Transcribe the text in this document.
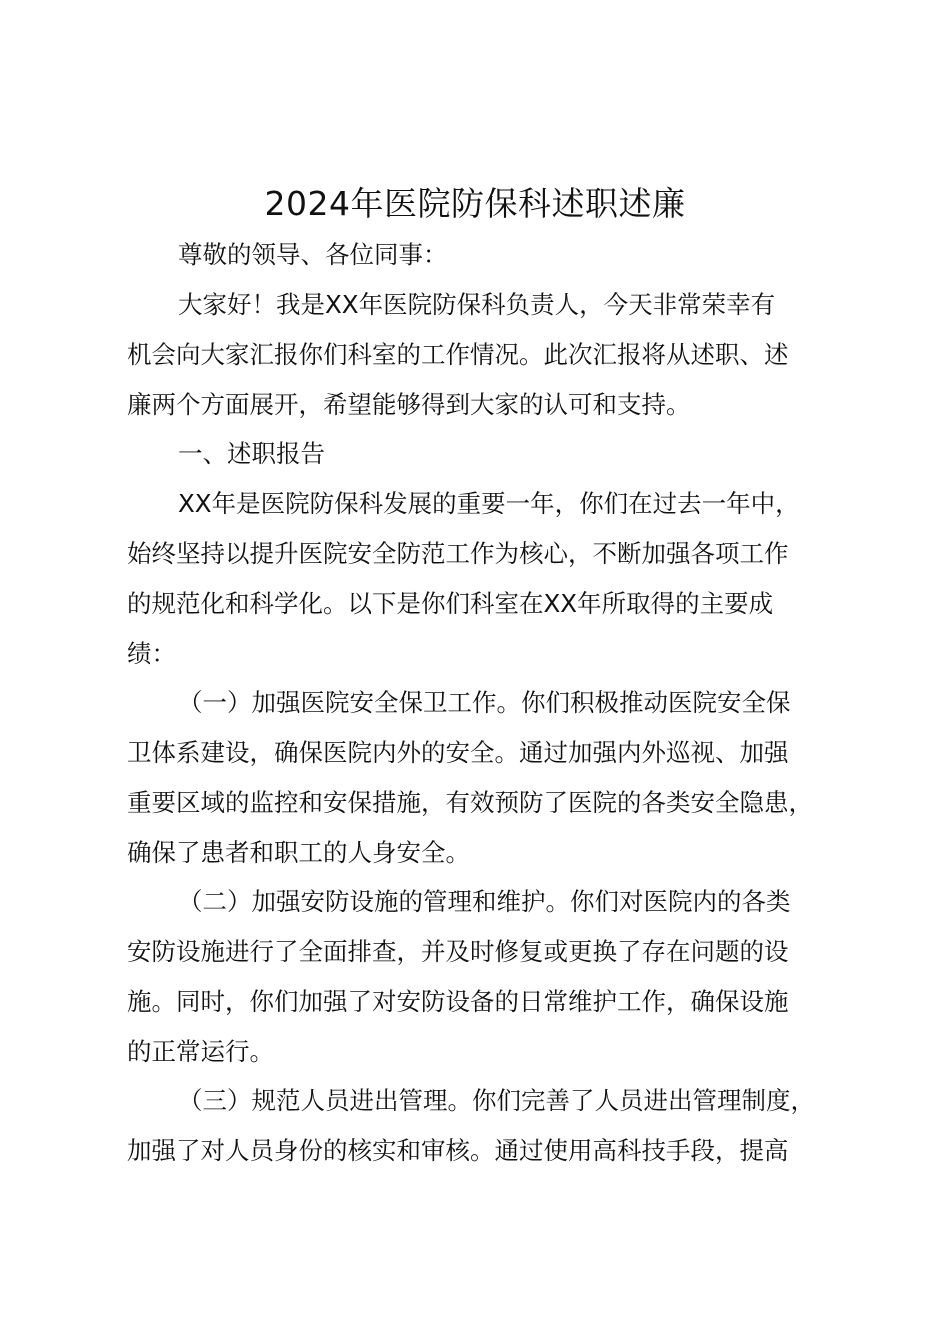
2024年医院防保科述职述廉
尊敬的领导、各位同事：
大家好！我是XX年医院防保科负责人，今天非常荣幸有
机会向大家汇报你们科室的工作情况。此次汇报将从述职、述
廉两个方面展开，希望能够得到大家的认可和支持。
一、述职报告
XX年是医院防保科发展的重要一年，你们在过去一年中，
始终坚持以提升医院安全防范工作为核心，不断加强各项工作
的规范化和科学化。以下是你们科室在XX年所取得的主要成
绩：
（一）加强医院安全保卫工作。你们积极推动医院安全保
卫体系建设，确保医院内外的安全。通过加强内外巡视、加强
重要区域的监控和安保措施，有效预防了医院的各类安全隐患，
确保了患者和职工的人身安全。
（二）加强安防设施的管理和维护。你们对医院内的各类
安防设施进行了全面排查，并及时修复或更换了存在问题的设
施。同时，你们加强了对安防设备的日常维护工作，确保设施
的正常运行。
（三）规范人员进出管理。你们完善了人员进出管理制度，
加强了对人员身份的核实和审核。通过使用高科技手段，提高
